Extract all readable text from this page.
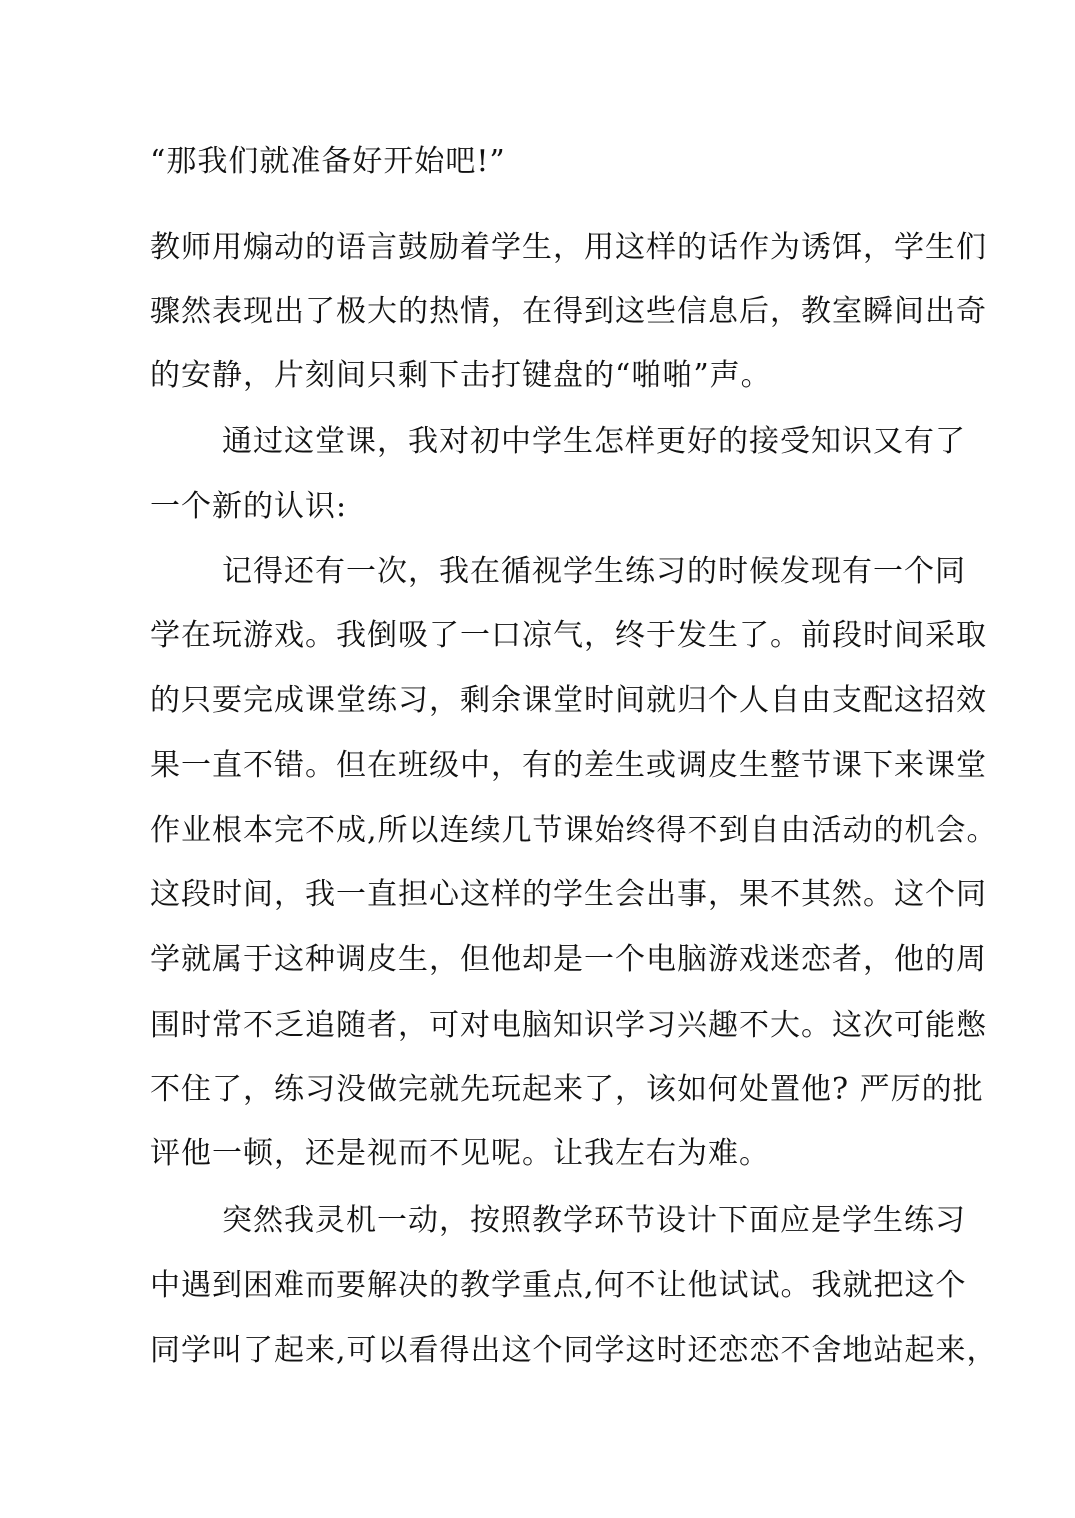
“那我们就准备好开始吧!”
教师用煽动的语言鼓励着学生，用这样的话作为诱饵，学生们
骤然表现出了极大的热情，在得到这些信息后，教室瞬间出奇
的安静，片刻间只剩下击打键盘的“啪啪”声。
通过这堂课，我对初中学生怎样更好的接受知识又有了
一个新的认识:
记得还有一次，我在循视学生练习的时候发现有一个同
学在玩游戏。我倒吸了一口凉气，终于发生了。前段时间采取
的只要完成课堂练习，剩余课堂时间就归个人自由支配这招效
果一直不错。但在班级中，有的差生或调皮生整节课下来课堂
作业根本完不成,所以连续几节课始终得不到自由活动的机会。
这段时间，我一直担心这样的学生会出事，果不其然。这个同
学就属于这种调皮生，但他却是一个电脑游戏迷恋者，他的周
围时常不乏追随者，可对电脑知识学习兴趣不大。这次可能憋
不住了，练习没做完就先玩起来了，该如何处置他? 严厉的批
评他一顿，还是视而不见呢。让我左右为难。
突然我灵机一动，按照教学环节设计下面应是学生练习
中遇到困难而要解决的教学重点,何不让他试试。我就把这个
同学叫了起来,可以看得出这个同学这时还恋恋不舍地站起来，
